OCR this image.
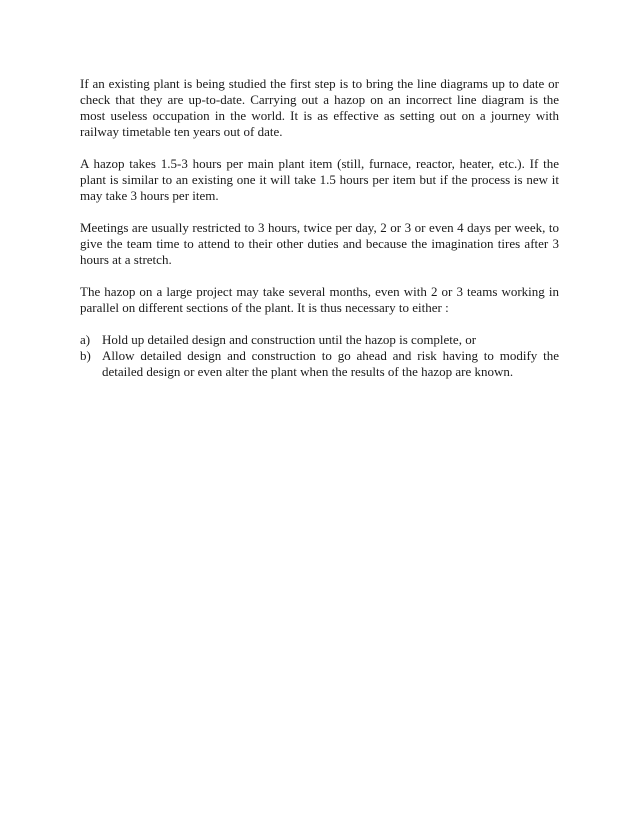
If an existing plant is being studied the first step is to bring the line diagrams up to date or check that they are up-to-date. Carrying out a hazop on an incorrect line diagram is the most useless occupation in the world. It is as effective as setting out on a journey with railway timetable ten years out of date.

A hazop takes 1.5-3 hours per main plant item (still, furnace, reactor, heater, etc.). If the plant is similar to an existing one it will take 1.5 hours per item but if the process is new it may take 3 hours per item.

Meetings are usually restricted to 3 hours, twice per day, 2 or 3 or even 4 days per week, to give the team time to attend to their other duties and because the imagination tires after 3 hours at a stretch.

The hazop on a large project may take several months, even with 2 or 3 teams working in parallel on different sections of the plant. It is thus necessary to either :

a) Hold up detailed design and construction until the hazop is complete, or
b) Allow detailed design and construction to go ahead and risk having to modify the detailed design or even alter the plant when the results of the hazop are known.
